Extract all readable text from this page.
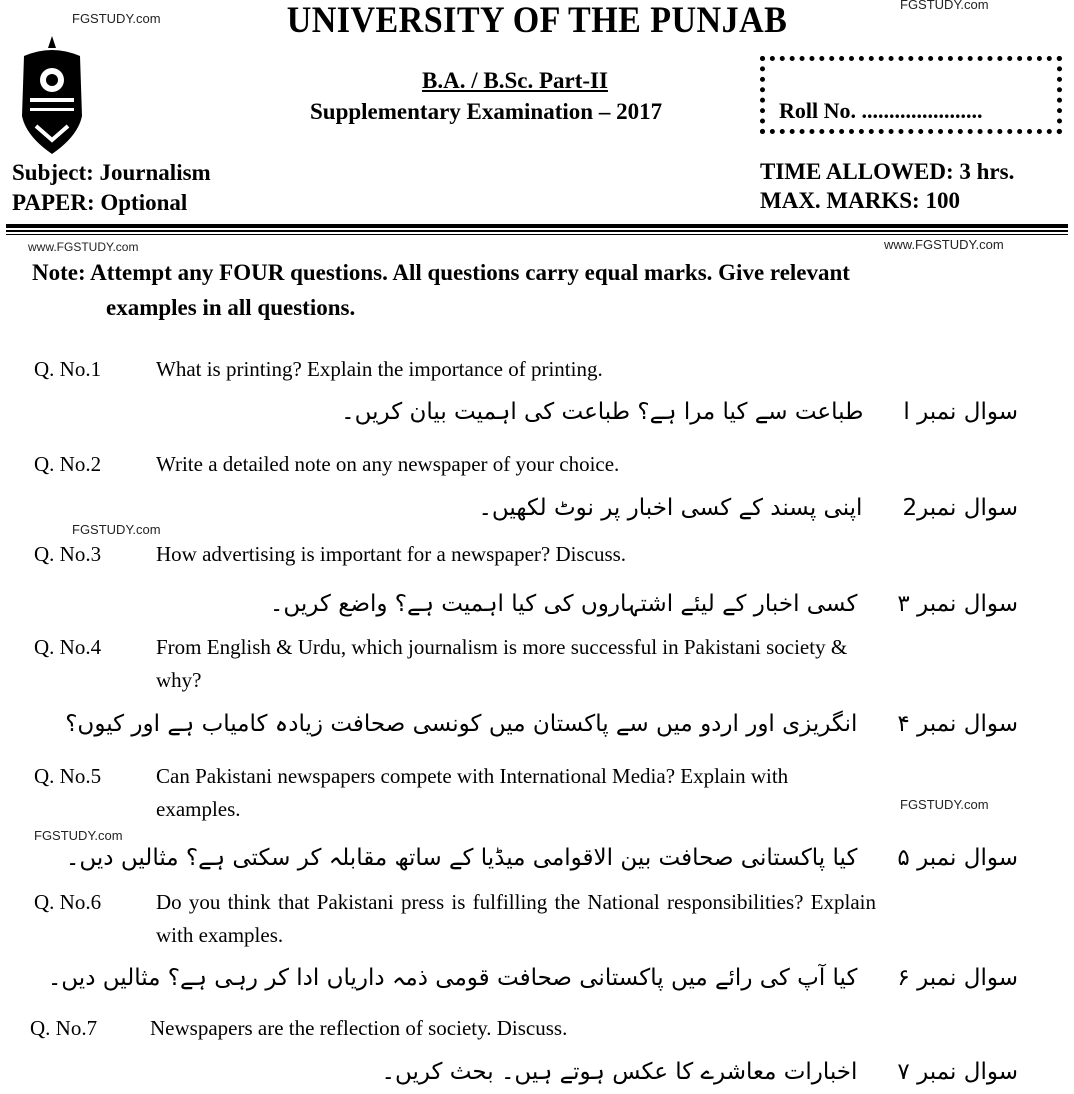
FGSTUDY.com
FGSTUDY.com
www.FGSTUDY.com
www.FGSTUDY.com
FGSTUDY.com
FGSTUDY.com
FGSTUDY.com
UNIVERSITY OF THE PUNJAB
B.A. / B.Sc. Part-II
Supplementary Examination – 2017	Roll No. ......................
Subject: Journalism
PAPER: Optional
TIME ALLOWED: 3 hrs.
MAX. MARKS: 100
Note: Attempt any FOUR questions. All questions carry equal marks. Give relevant
examples in all questions.
Q. No.1	What is printing? Explain the importance of printing.
سوال نمبر ا
طباعت سے کیا مرا ہے؟ طباعت کی اہمیت بیان کریں۔
Q. No.2	Write a detailed note on any newspaper of your choice.
سوال نمبر2
اپنی پسند کے کسی اخبار پر نوٹ لکھیں۔
Q. No.3	How advertising is important for a newspaper? Discuss.
سوال نمبر ۳
کسی اخبار کے لیئے اشتہاروں کی کیا اہمیت ہے؟ واضع کریں۔
Q. No.4	From English & Urdu, which journalism is more successful in Pakistani society & why?
سوال نمبر ۴
انگریزی اور اردو میں سے پاکستان میں کونسی صحافت زیادہ کامیاب ہے اور کیوں؟
Q. No.5	Can Pakistani newspapers compete with International Media? Explain with examples.
سوال نمبر ۵
کیا پاکستانی صحافت بین الاقوامی میڈیا کے ساتھ مقابلہ کر سکتی ہے؟ مثالیں دیں۔
Q. No.6	Do you think that Pakistani press is fulfilling the National responsibilities? Explain with examples.
سوال نمبر ۶
کیا آپ کی رائے میں پاکستانی صحافت قومی ذمہ داریاں ادا کر رہی ہے؟ مثالیں دیں۔
Q. No.7	Newspapers are the reflection of society. Discuss.
سوال نمبر ۷
اخبارات معاشرے کا عکس ہوتے ہیں۔ بحث کریں۔
